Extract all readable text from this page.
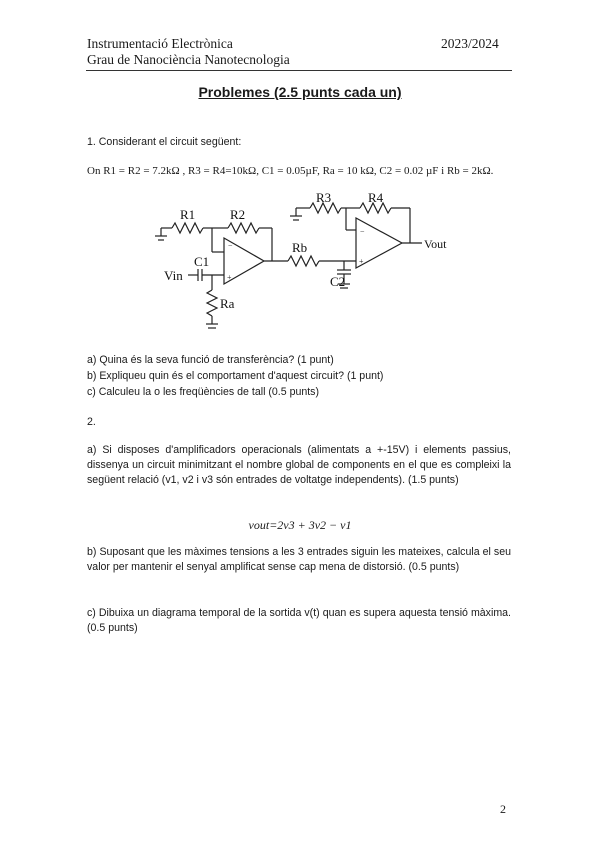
Instrumentació Electrònica
Grau de Nanociència Nanotecnologia
2023/2024
Problemes (2.5 punts cada un)
1. Considerant el circuit següent:
On R1 = R2 = 7.2kΩ , R3 = R4=10kΩ, C1 = 0.05µF, Ra = 10 kΩ, C2 = 0.02 µF i Rb = 2kΩ.
−
+
−
+
R1	R2
R3	R4
Rb
C1
C2
Ra
Vin
Vout
a) Quina és la seva funció de transferència? (1 punt)
b) Expliqueu quin és el comportament d'aquest circuit? (1 punt)
c) Calculeu la o les freqüències de tall (0.5 punts)
2.
a) Si disposes d'amplificadors operacionals (alimentats a +-15V) i elements passius, dissenya un circuit minimitzant el nombre global de components en el que es compleixi la següent relació (v1, v2 i v3 són entrades de voltatge independents). (1.5 punts)
vout=2v3 + 3v2 − v1
b) Suposant que les màximes tensions a les 3 entrades siguin les mateixes, calcula el seu valor per mantenir el senyal amplificat sense cap mena de distorsió. (0.5 punts)
c) Dibuixa un diagrama temporal de la sortida v(t) quan es supera aquesta tensió màxima. (0.5 punts)
2
